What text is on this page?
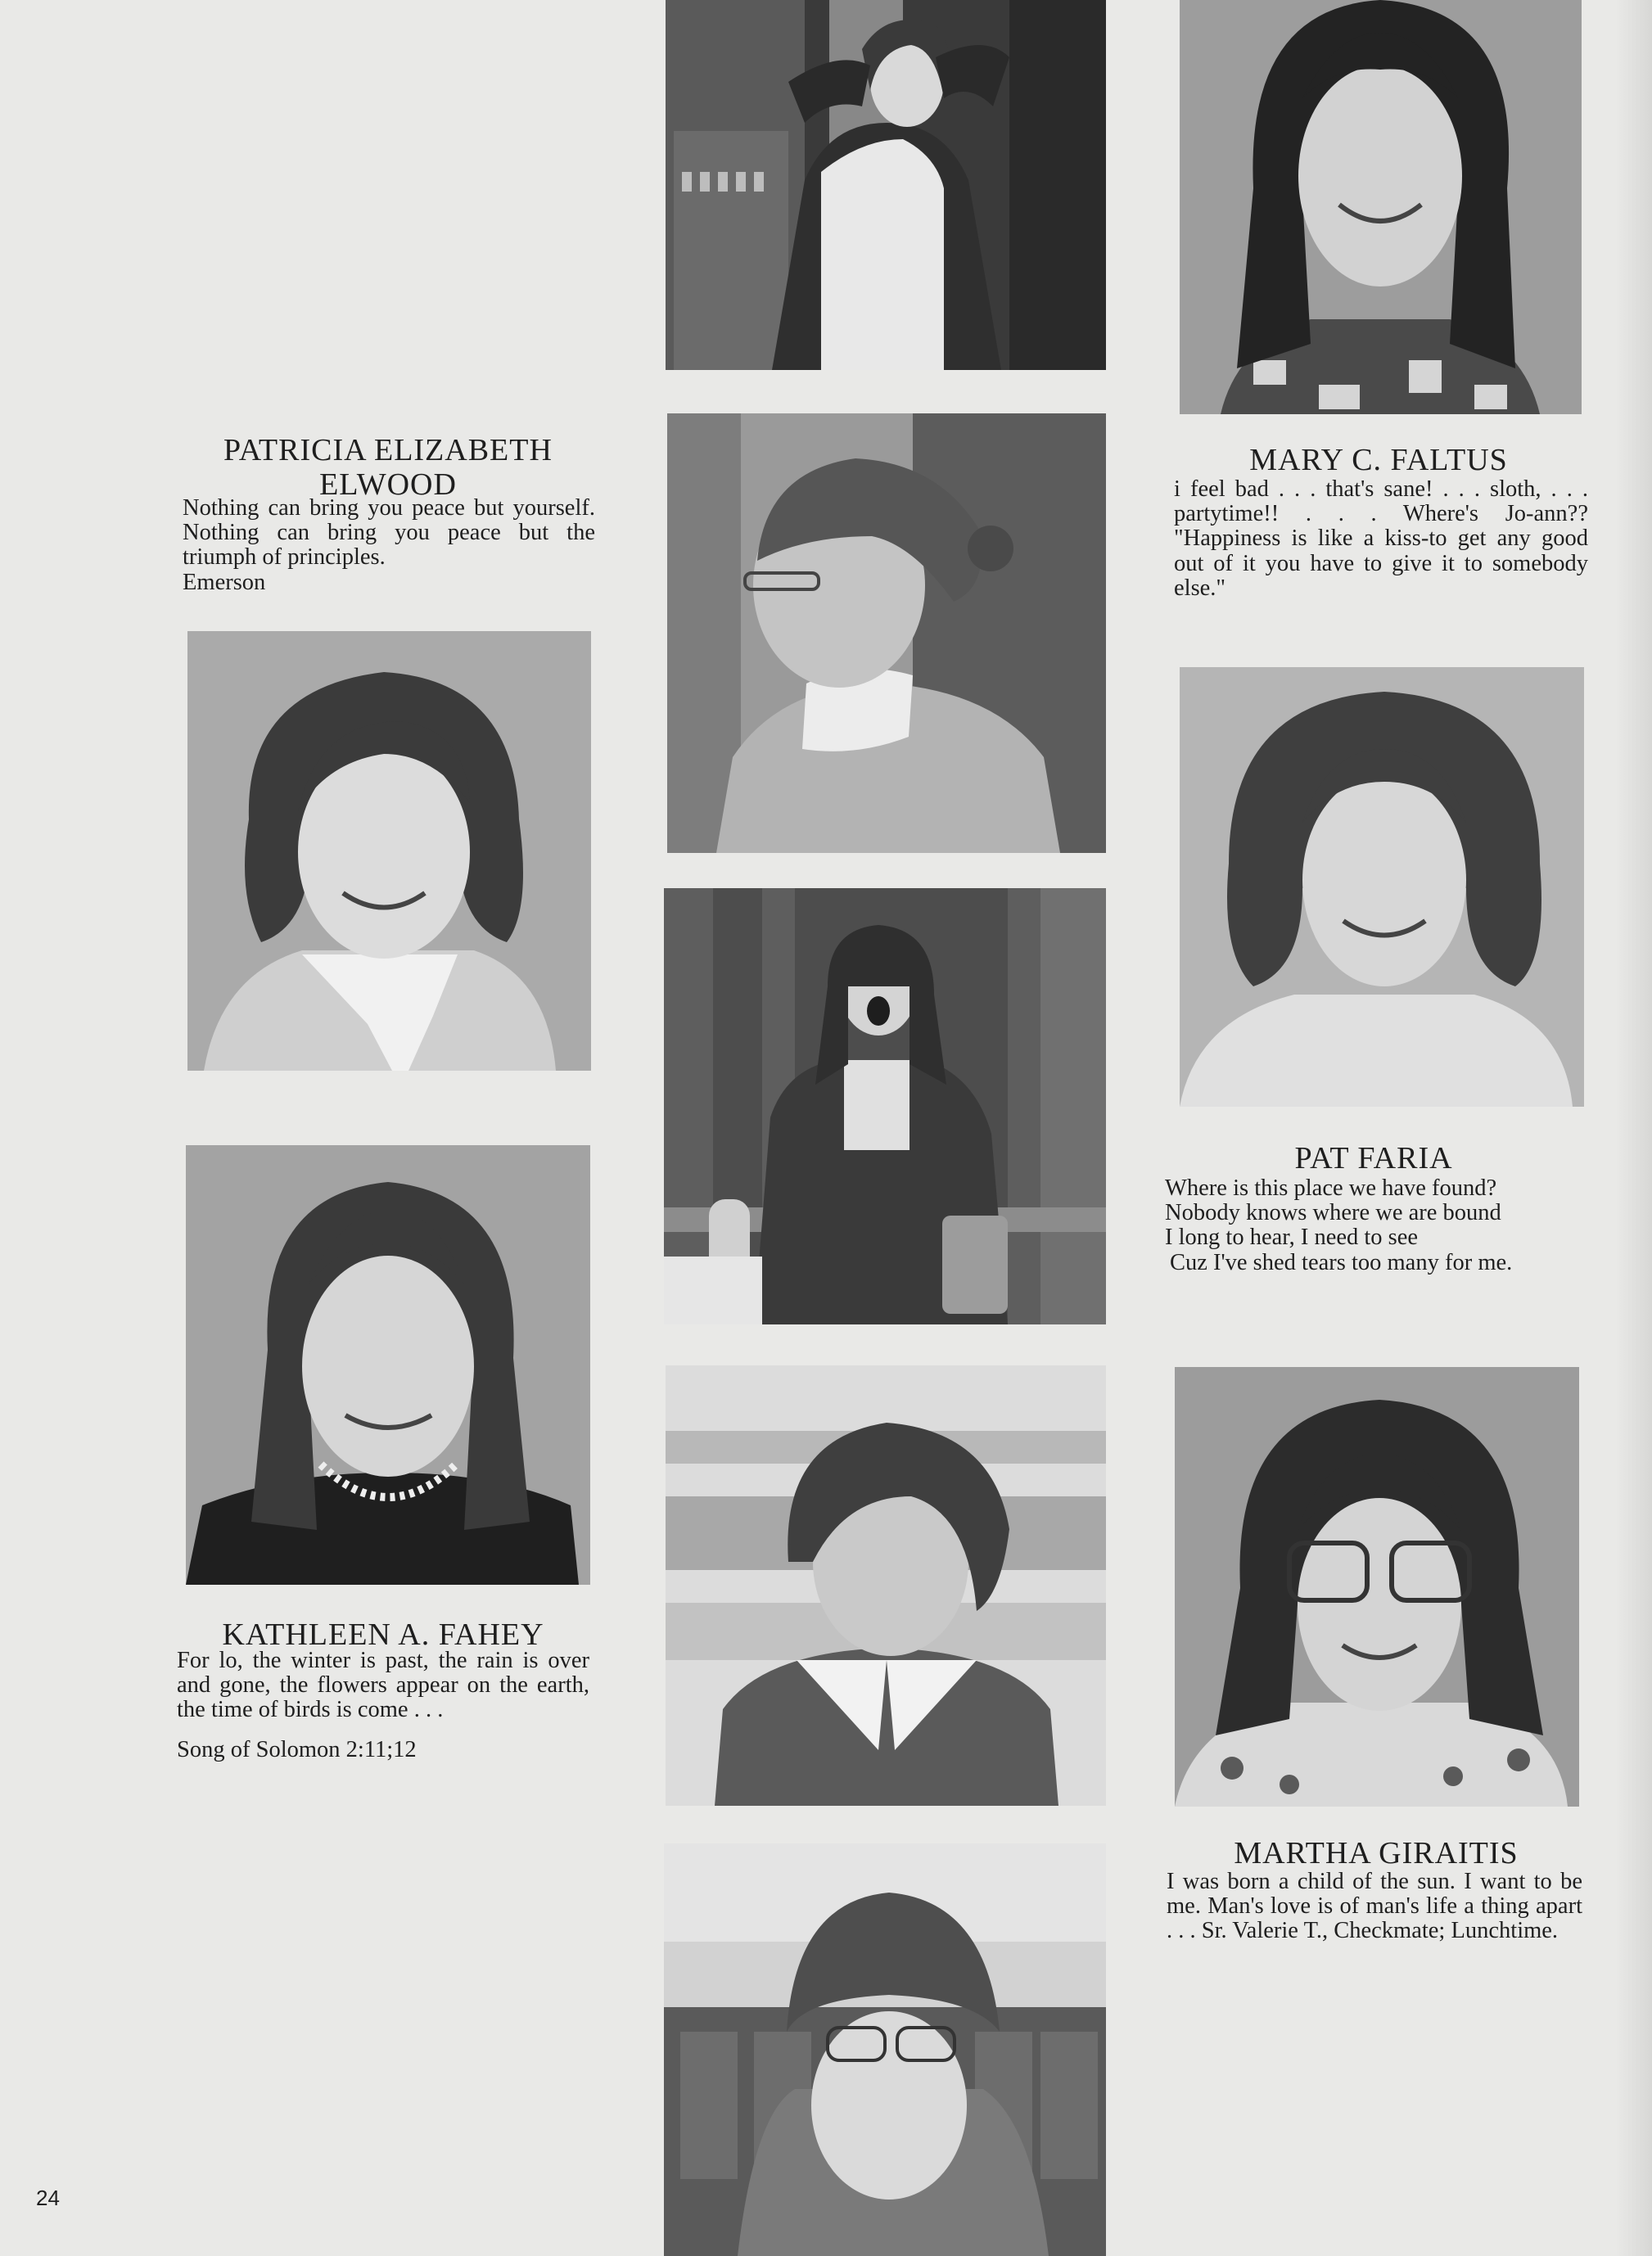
PATRICIA ELIZABETH ELWOOD

Nothing can bring you peace but yourself. Nothing can bring you peace but the triumph of principles.
Emerson

KATHLEEN A. FAHEY

For lo, the winter is past, the rain is over and gone, the flowers appear on the earth, the time of birds is come . . .
Song of Solomon 2:11;12

MARY C. FALTUS

i feel bad . . . that's sane! . . . sloth, . . . partytime!! . . . Where's Jo-ann?? "Happiness is like a kiss-to get any good out of it you have to give it to somebody else."

PAT FARIA
Where is this place we have found?
Nobody knows where we are bound
I long to hear, I need to see
Cuz I've shed tears too many for me.
MARTHA GIRAITIS

I was born a child of the sun. I want to be me. Man's love is of man's life a thing apart . . . Sr. Valerie T., Checkmate; Lunchtime.

24
